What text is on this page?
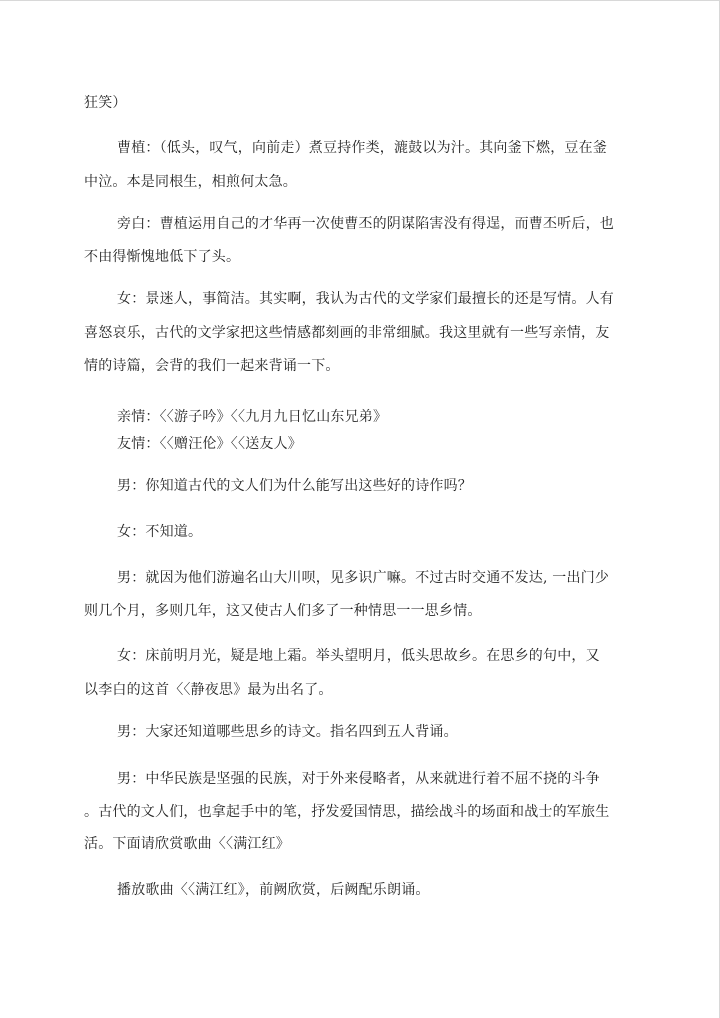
狂笑）
曹植：（低头，叹气，向前走）煮豆持作类，漉鼓以为汁。其向釜下燃，豆在釜
中泣。本是同根生，相煎何太急。
旁白：曹植运用自己的才华再一次使曹丕的阴谋陷害没有得逞，而曹丕听后，也
不由得惭愧地低下了头。
女：景迷人，事简洁。其实啊，我认为古代的文学家们最擅长的还是写情。人有
喜怒哀乐，古代的文学家把这些情感都刻画的非常细腻。我这里就有一些写亲情，友
情的诗篇，会背的我们一起来背诵一下。
亲情：〈〈游子吟》〈〈九月九日忆山东兄弟》
友情：〈〈赠汪伦》〈〈送友人》
男：你知道古代的文人们为什么能写出这些好的诗作吗？
女：不知道。
男：就因为他们游遍名山大川呗，见多识广嘛。不过古时交通不发达, 一出门少
则几个月，多则几年，这又使古人们多了一种情思一一思乡情。
女：床前明月光，疑是地上霜。举头望明月，低头思故乡。在思乡的句中，又
以李白的这首〈〈静夜思》最为出名了。
男：大家还知道哪些思乡的诗文。指名四到五人背诵。
男：中华民族是坚强的民族，对于外来侵略者，从来就进行着不屈不挠的斗争
。古代的文人们，也拿起手中的笔，抒发爱国情思，描绘战斗的场面和战士的军旅生
活。下面请欣赏歌曲〈〈满江红》
播放歌曲〈〈满江红》，前阙欣赏，后阙配乐朗诵。
